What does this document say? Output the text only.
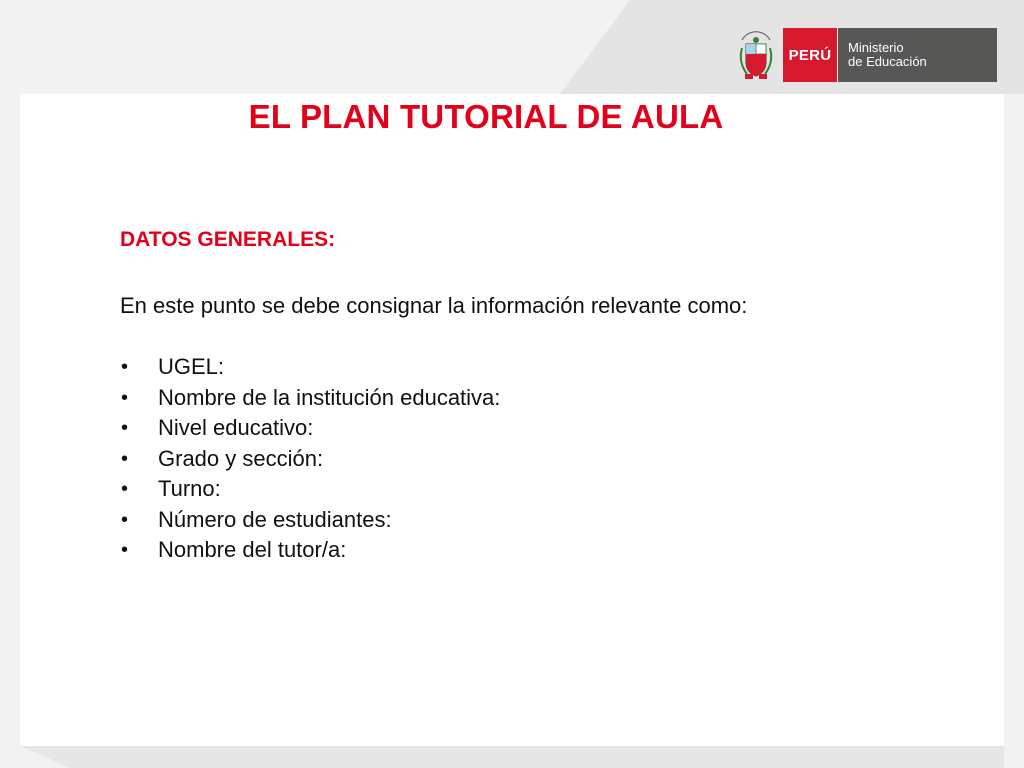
PERÚ	Ministerio
de Educación
EL PLAN TUTORIAL DE AULA
DATOS GENERALES:
En este punto se debe consignar la información relevante como:
• UGEL:
• Nombre de la institución educativa:
• Nivel educativo:
• Grado y sección:
• Turno:
• Número de estudiantes:
• Nombre del tutor/a:
